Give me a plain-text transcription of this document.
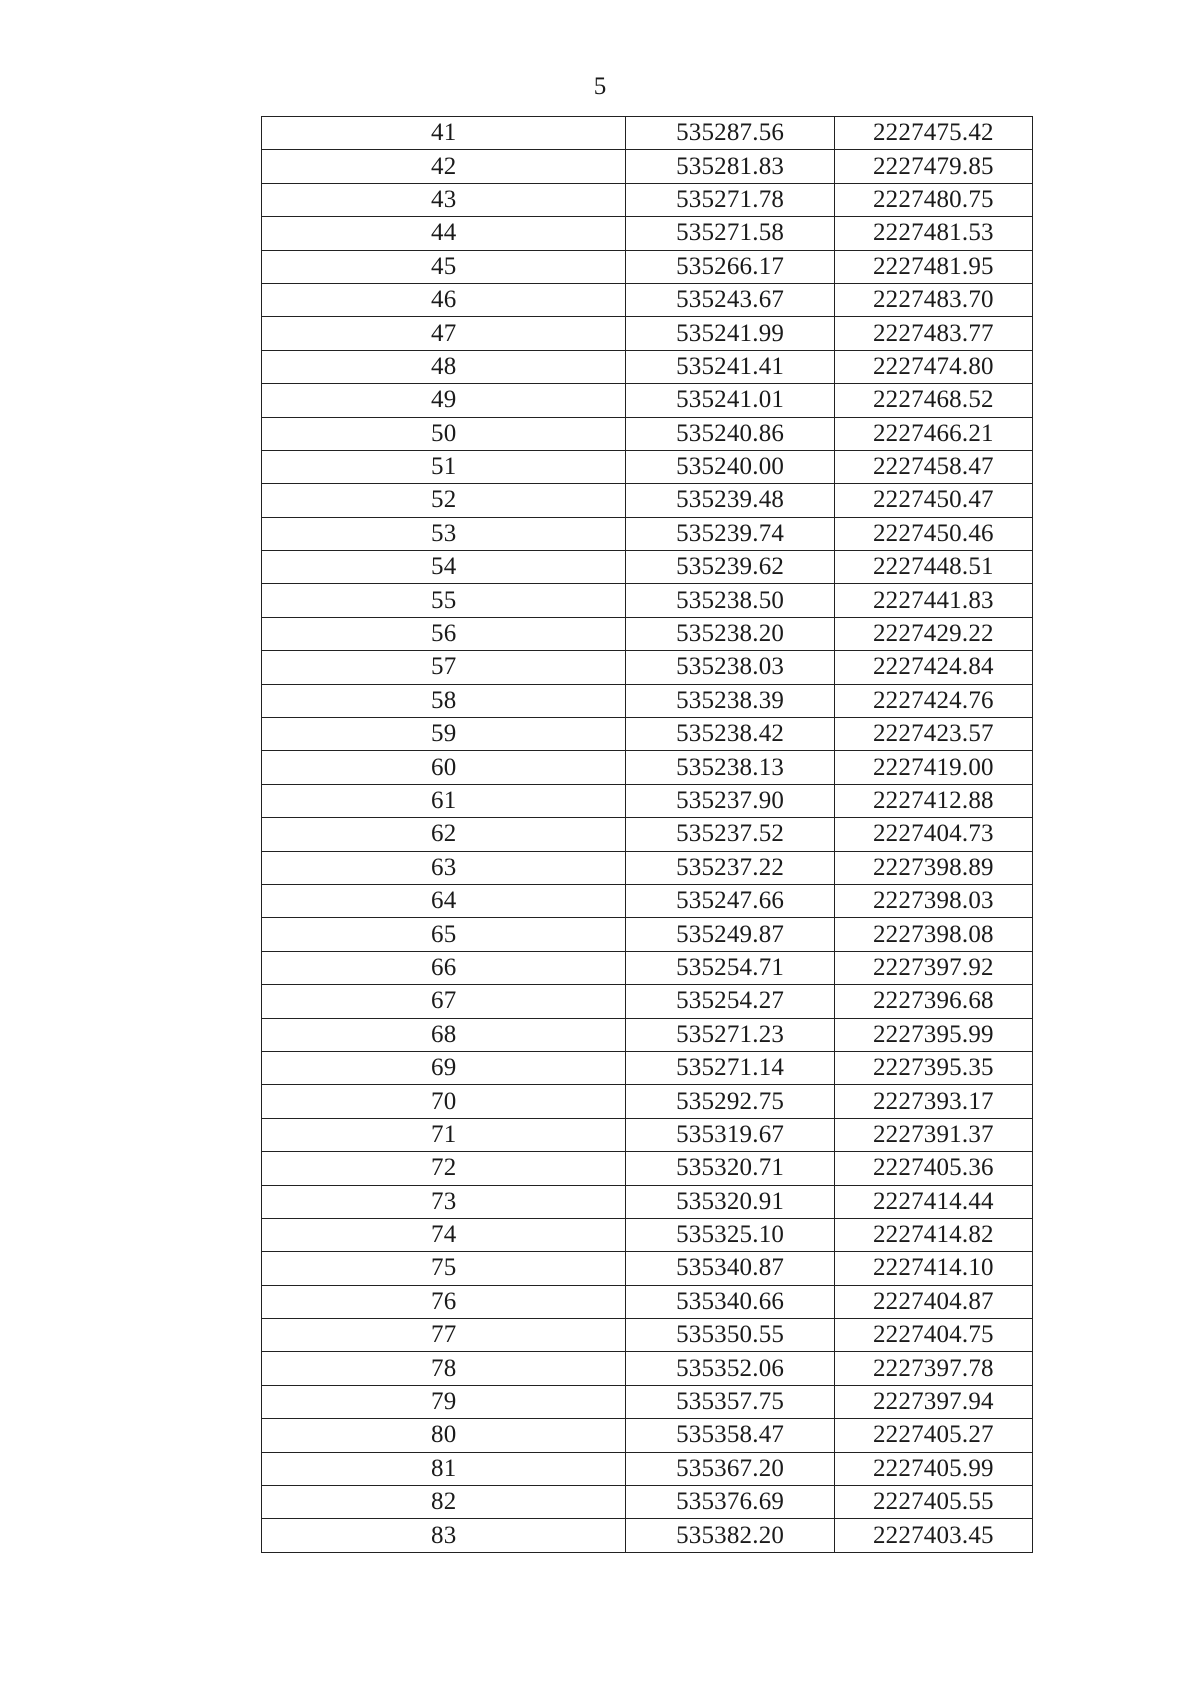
5
41	535287.56	2227475.42
42	535281.83	2227479.85
43	535271.78	2227480.75
44	535271.58	2227481.53
45	535266.17	2227481.95
46	535243.67	2227483.70
47	535241.99	2227483.77
48	535241.41	2227474.80
49	535241.01	2227468.52
50	535240.86	2227466.21
51	535240.00	2227458.47
52	535239.48	2227450.47
53	535239.74	2227450.46
54	535239.62	2227448.51
55	535238.50	2227441.83
56	535238.20	2227429.22
57	535238.03	2227424.84
58	535238.39	2227424.76
59	535238.42	2227423.57
60	535238.13	2227419.00
61	535237.90	2227412.88
62	535237.52	2227404.73
63	535237.22	2227398.89
64	535247.66	2227398.03
65	535249.87	2227398.08
66	535254.71	2227397.92
67	535254.27	2227396.68
68	535271.23	2227395.99
69	535271.14	2227395.35
70	535292.75	2227393.17
71	535319.67	2227391.37
72	535320.71	2227405.36
73	535320.91	2227414.44
74	535325.10	2227414.82
75	535340.87	2227414.10
76	535340.66	2227404.87
77	535350.55	2227404.75
78	535352.06	2227397.78
79	535357.75	2227397.94
80	535358.47	2227405.27
81	535367.20	2227405.99
82	535376.69	2227405.55
83	535382.20	2227403.45
